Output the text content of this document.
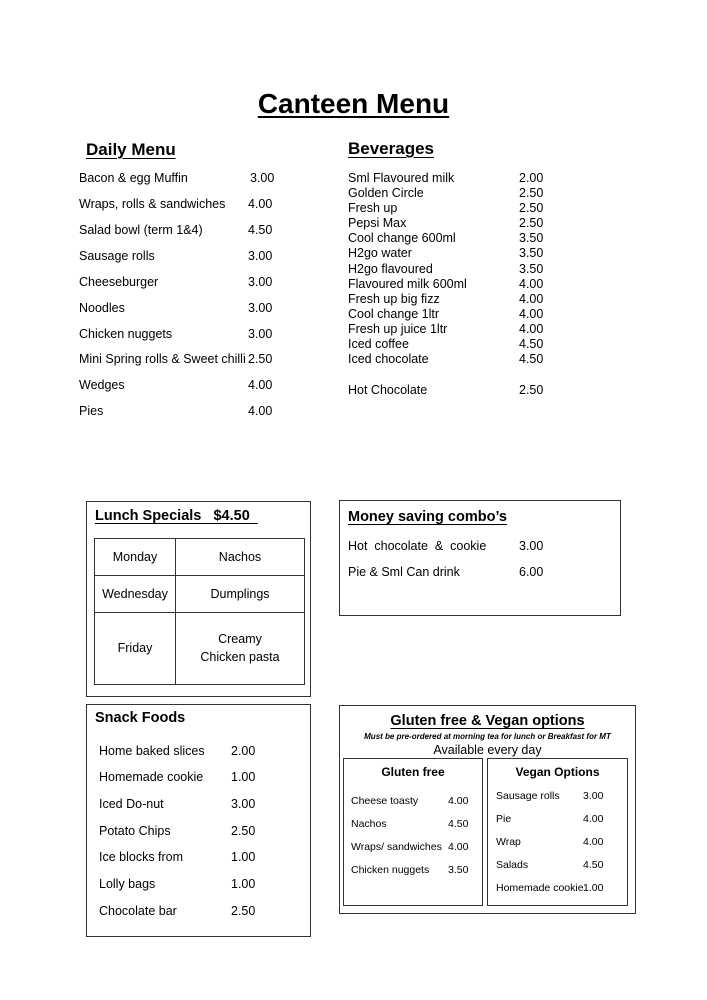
Canteen Menu
Daily Menu
Bacon & egg Muffin	3.00
Wraps, rolls & sandwiches 4.00
Salad bowl (term 1&4)	4.50
Sausage rolls	3.00
Cheeseburger	3.00
Noodles	3.00
Chicken nuggets	3.00
Mini Spring rolls & Sweet chilli 2.50
Wedges	4.00
Pies	4.00
Beverages
Sml Flavoured milk	2.00
Golden Circle	2.50
Fresh up	2.50
Pepsi Max	2.50
Cool change 600ml	3.50
H2go water	3.50
H2go flavoured	3.50
Flavoured milk 600ml	4.00
Fresh up big fizz	4.00
Cool change 1ltr	4.00
Fresh up juice 1ltr	4.00
Iced coffee	4.50
Iced chocolate	4.50
Hot Chocolate	2.50
Lunch Specials $4.50
Monday	Nachos
Wednesday	Dumplings
Friday	Creamy Chicken pasta
Money saving combo’s
Hot  chocolate  &  cookie	3.00
Pie & Sml Can drink	6.00
Snack Foods
Home baked slices 2.00
Homemade cookie 1.00
Iced Do-nut	3.00
Potato Chips	2.50
Ice blocks from	1.00
Lolly bags	1.00
Chocolate bar	2.50
Gluten free & Vegan options
Must be pre-ordered at morning tea for lunch or Breakfast for MT
Available every day
Gluten free
Cheese toasty	4.00
Nachos	4.50
Wraps/ sandwiches 4.00
Chicken nuggets 3.50
Vegan Options
Sausage rolls 3.00
Pie	4.00
Wrap	4.00
Salads	4.50
Homemade cookie 1.00
